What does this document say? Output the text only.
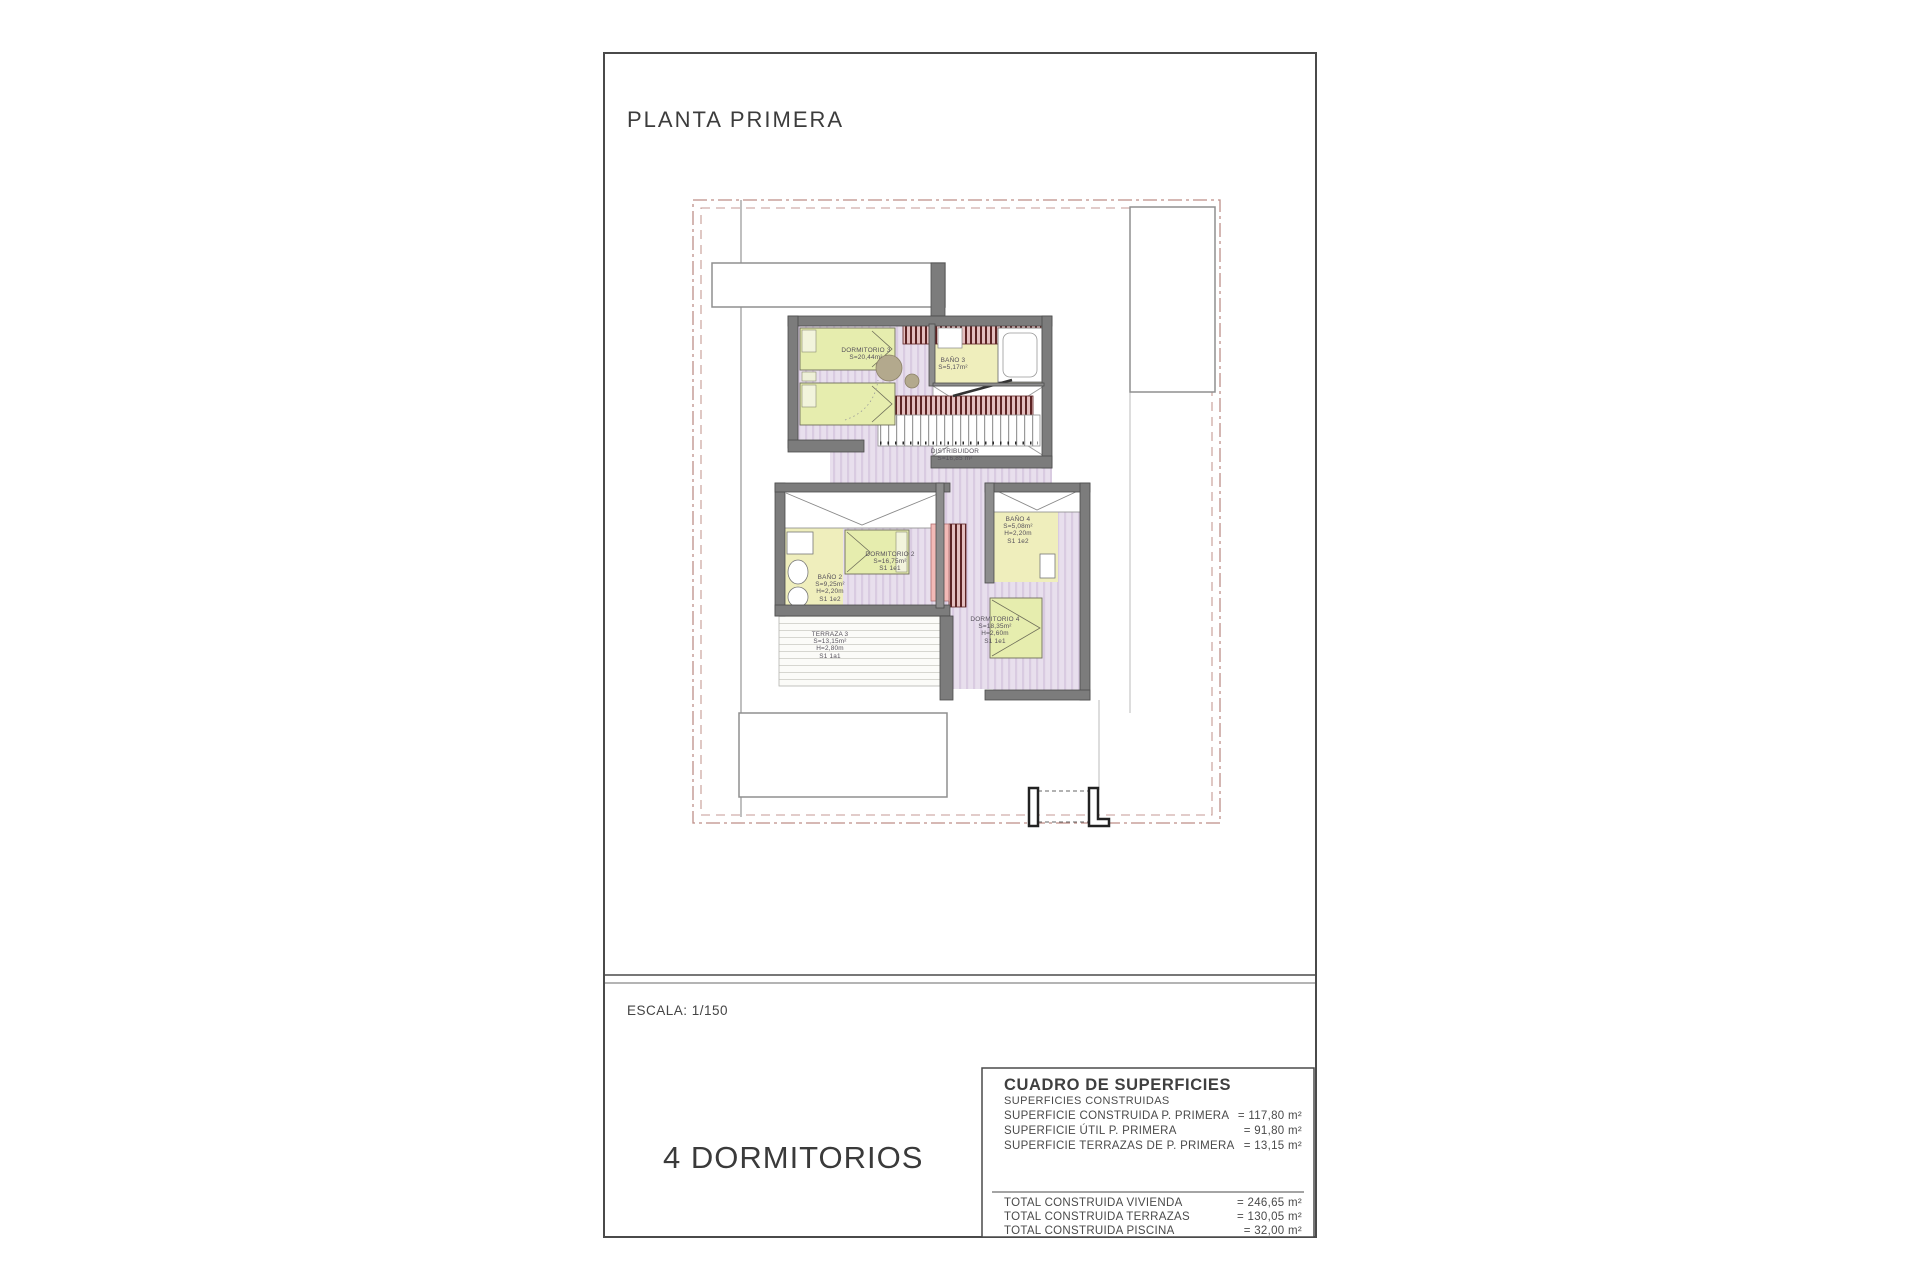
PLANTA PRIMERA
ESCALA: 1/150
4 DORMITORIOS
CUADRO DE SUPERFICIES
SUPERFICIES CONSTRUIDAS
SUPERFICIE CONSTRUIDA P. PRIMERA = 117,80 m²
SUPERFICIE ÚTIL P. PRIMERA	= 91,80 m²
SUPERFICIE TERRAZAS DE P. PRIMERA = 13,15 m²
TOTAL CONSTRUIDA VIVIENDA	= 246,65 m²
TOTAL CONSTRUIDA TERRAZAS	= 130,05 m²
TOTAL CONSTRUIDA PISCINA	= 32,00 m²
DORMITORIO 3
S=20,44m²	BAÑO 3
S=5,17m²
DISTRIBUIDOR
S=16,85 m²
DORMITORIO 2
S=16,75m²
S1 1e1
BAÑO 2
S=9,25m²
H=2,20m
S1 1e2
BAÑO 4
S=5,08m²
H=2,20m
S1 1e2
DORMITORIO 4
S=18,35m²
H=2,60m
S1 1e1
TERRAZA 3
S=13,15m²
H=2,80m
S1 1a1
